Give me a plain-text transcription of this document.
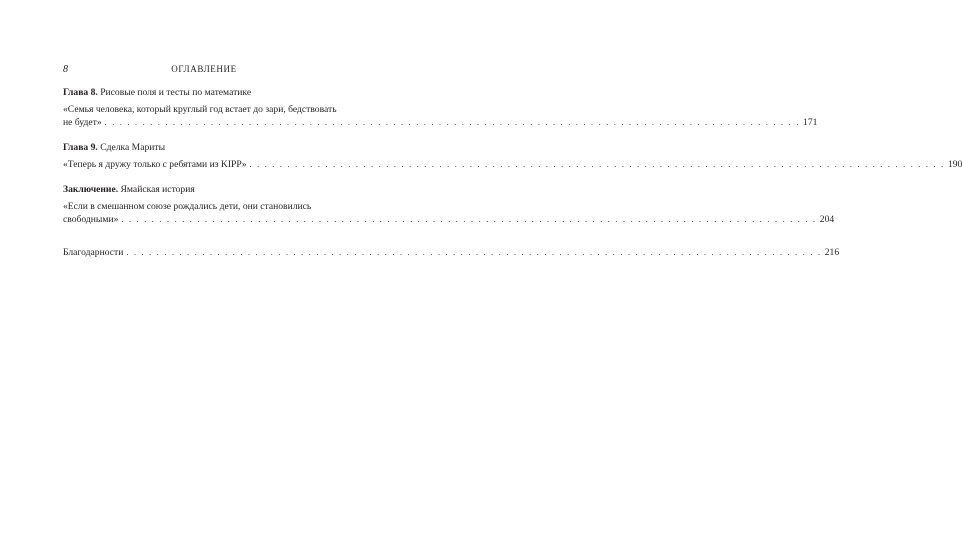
8	ОГЛАВЛЕНИЕ
Глава 8. Рисовые поля и тесты по математике
«Семья человека, который круглый год встает до зари, бедствовать
не будет» . . . . . . . . . . . . . . . . . . . . . . . . . . . . . . . . . . . . . . . . . . . . . . . . . . . . . . . . . . . . . . . . . . . . . . . . . . . . . . . . . . . . . . . . . . . . 171
Глава 9. Сделка Мариты
«Теперь я дружу только с ребятами из KIPP» . . . . . . . . . . . . . . . . . . . . . . . . . . . . . . . . . . . . . . . . . . . . . . . . . . . . . . . . . . . . . . . . . . . . . . . . . . . . . . . . . . . . . . . . . . . . 190
Заключение. Ямайская история
«Если в смешанном союзе рождались дети, они становились
свободными» . . . . . . . . . . . . . . . . . . . . . . . . . . . . . . . . . . . . . . . . . . . . . . . . . . . . . . . . . . . . . . . . . . . . . . . . . . . . . . . . . . . . . . . . . . . . 204
Благодарности . . . . . . . . . . . . . . . . . . . . . . . . . . . . . . . . . . . . . . . . . . . . . . . . . . . . . . . . . . . . . . . . . . . . . . . . . . . . . . . . . . . . . . . . . . . . 216
